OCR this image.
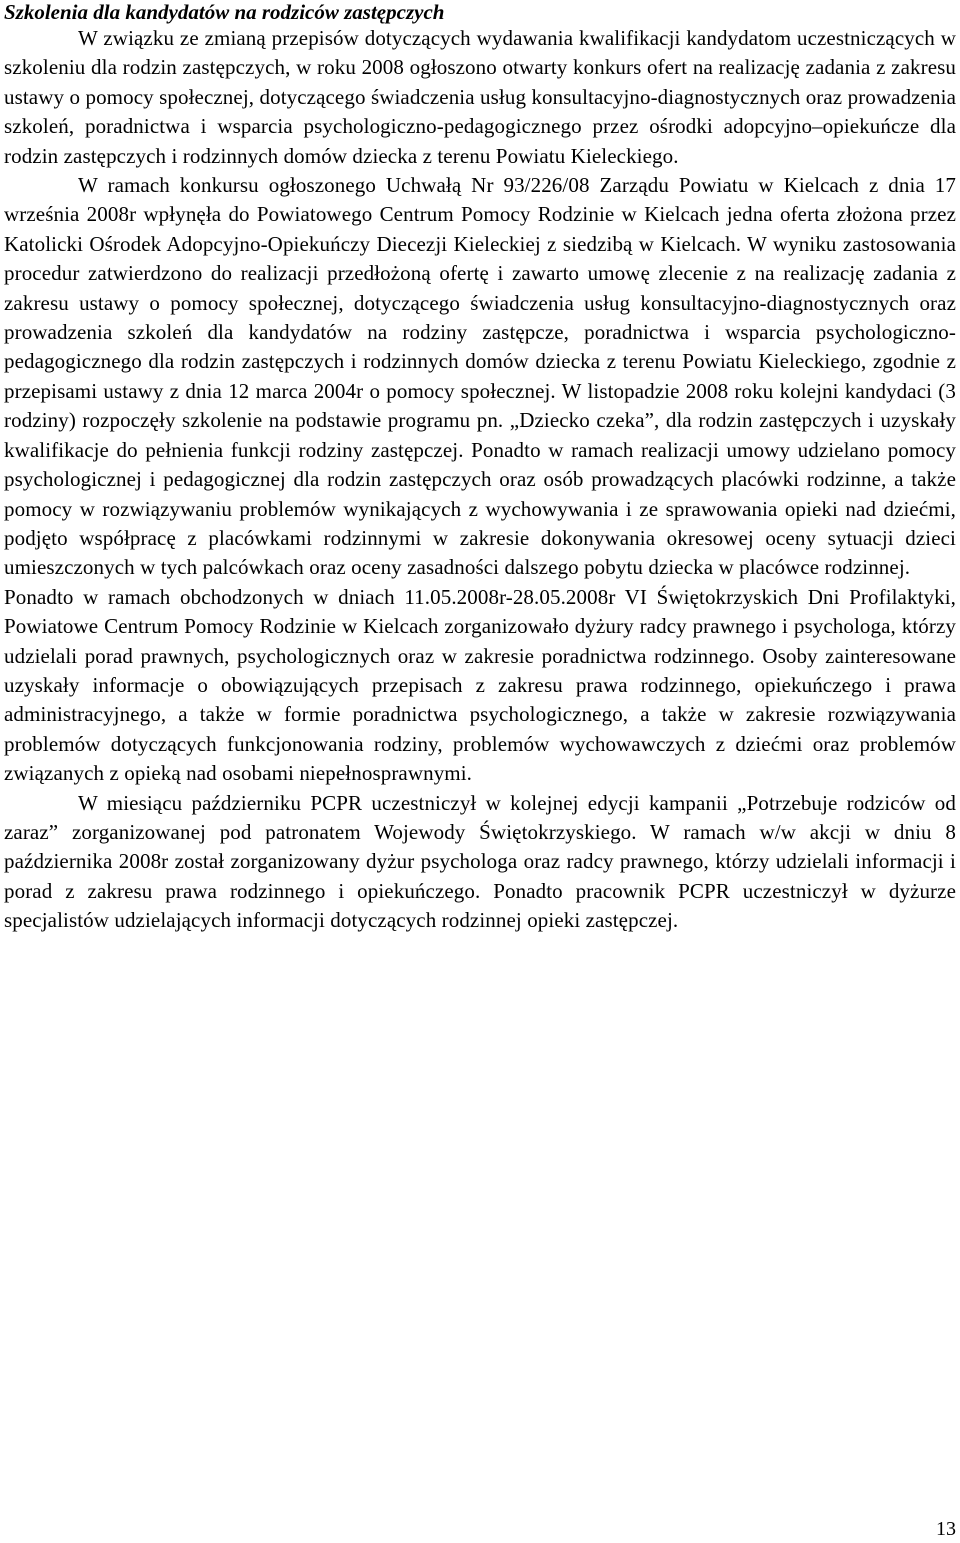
Szkolenia dla kandydatów na rodziców zastępczych

W związku ze zmianą przepisów dotyczących wydawania kwalifikacji kandydatom uczestniczących w szkoleniu dla rodzin zastępczych, w roku 2008 ogłoszono otwarty konkurs ofert na realizację zadania z zakresu ustawy o pomocy społecznej, dotyczącego świadczenia usług konsultacyjno-diagnostycznych oraz prowadzenia szkoleń, poradnictwa i wsparcia psychologiczno-pedagogicznego przez ośrodki adopcyjno–opiekuńcze dla rodzin zastępczych i rodzinnych domów dziecka z terenu Powiatu Kieleckiego.

W ramach konkursu ogłoszonego Uchwałą Nr 93/226/08 Zarządu Powiatu w Kielcach z dnia 17 września 2008r wpłynęła do Powiatowego Centrum Pomocy Rodzinie w Kielcach jedna oferta złożona przez Katolicki Ośrodek Adopcyjno-Opiekuńczy Diecezji Kieleckiej z siedzibą w Kielcach. W wyniku zastosowania procedur zatwierdzono do realizacji przedłożoną ofertę i zawarto umowę zlecenie z na realizację zadania z zakresu ustawy o pomocy społecznej, dotyczącego świadczenia usług konsultacyjno-diagnostycznych oraz prowadzenia szkoleń dla kandydatów na rodziny zastępcze, poradnictwa i wsparcia psychologiczno-pedagogicznego dla rodzin zastępczych i rodzinnych domów dziecka z terenu Powiatu Kieleckiego, zgodnie z przepisami ustawy z dnia 12 marca 2004r o pomocy społecznej. W listopadzie 2008 roku kolejni kandydaci (3 rodziny) rozpoczęły szkolenie na podstawie programu pn. „Dziecko czeka”, dla rodzin zastępczych i uzyskały kwalifikacje do pełnienia funkcji rodziny zastępczej. Ponadto w ramach realizacji umowy udzielano pomocy psychologicznej i pedagogicznej dla rodzin zastępczych oraz osób prowadzących placówki rodzinne, a także pomocy w rozwiązywaniu problemów wynikających z wychowywania i ze sprawowania opieki nad dziećmi, podjęto współpracę z placówkami rodzinnymi w zakresie dokonywania okresowej oceny sytuacji dzieci umieszczonych w tych palcówkach oraz oceny zasadności dalszego pobytu dziecka w placówce rodzinnej.

Ponadto w ramach obchodzonych w dniach 11.05.2008r-28.05.2008r VI Świętokrzyskich Dni Profilaktyki, Powiatowe Centrum Pomocy Rodzinie w Kielcach zorganizowało dyżury radcy prawnego i psychologa, którzy udzielali porad prawnych, psychologicznych oraz w zakresie poradnictwa rodzinnego. Osoby zainteresowane uzyskały informacje o obowiązujących przepisach z zakresu prawa rodzinnego, opiekuńczego i prawa administracyjnego, a także w formie poradnictwa psychologicznego, a także w zakresie rozwiązywania problemów dotyczących funkcjonowania rodziny, problemów wychowawczych z dziećmi oraz problemów związanych z opieką nad osobami niepełnosprawnymi.

W miesiącu październiku PCPR uczestniczył w kolejnej edycji kampanii „Potrzebuje rodziców od zaraz” zorganizowanej pod patronatem Wojewody Świętokrzyskiego. W ramach w/w akcji w dniu 8 października 2008r został zorganizowany dyżur psychologa oraz radcy prawnego, którzy udzielali informacji i porad z zakresu prawa rodzinnego i opiekuńczego. Ponadto pracownik PCPR uczestniczył w dyżurze specjalistów udzielających informacji dotyczących rodzinnej opieki zastępczej.

13
